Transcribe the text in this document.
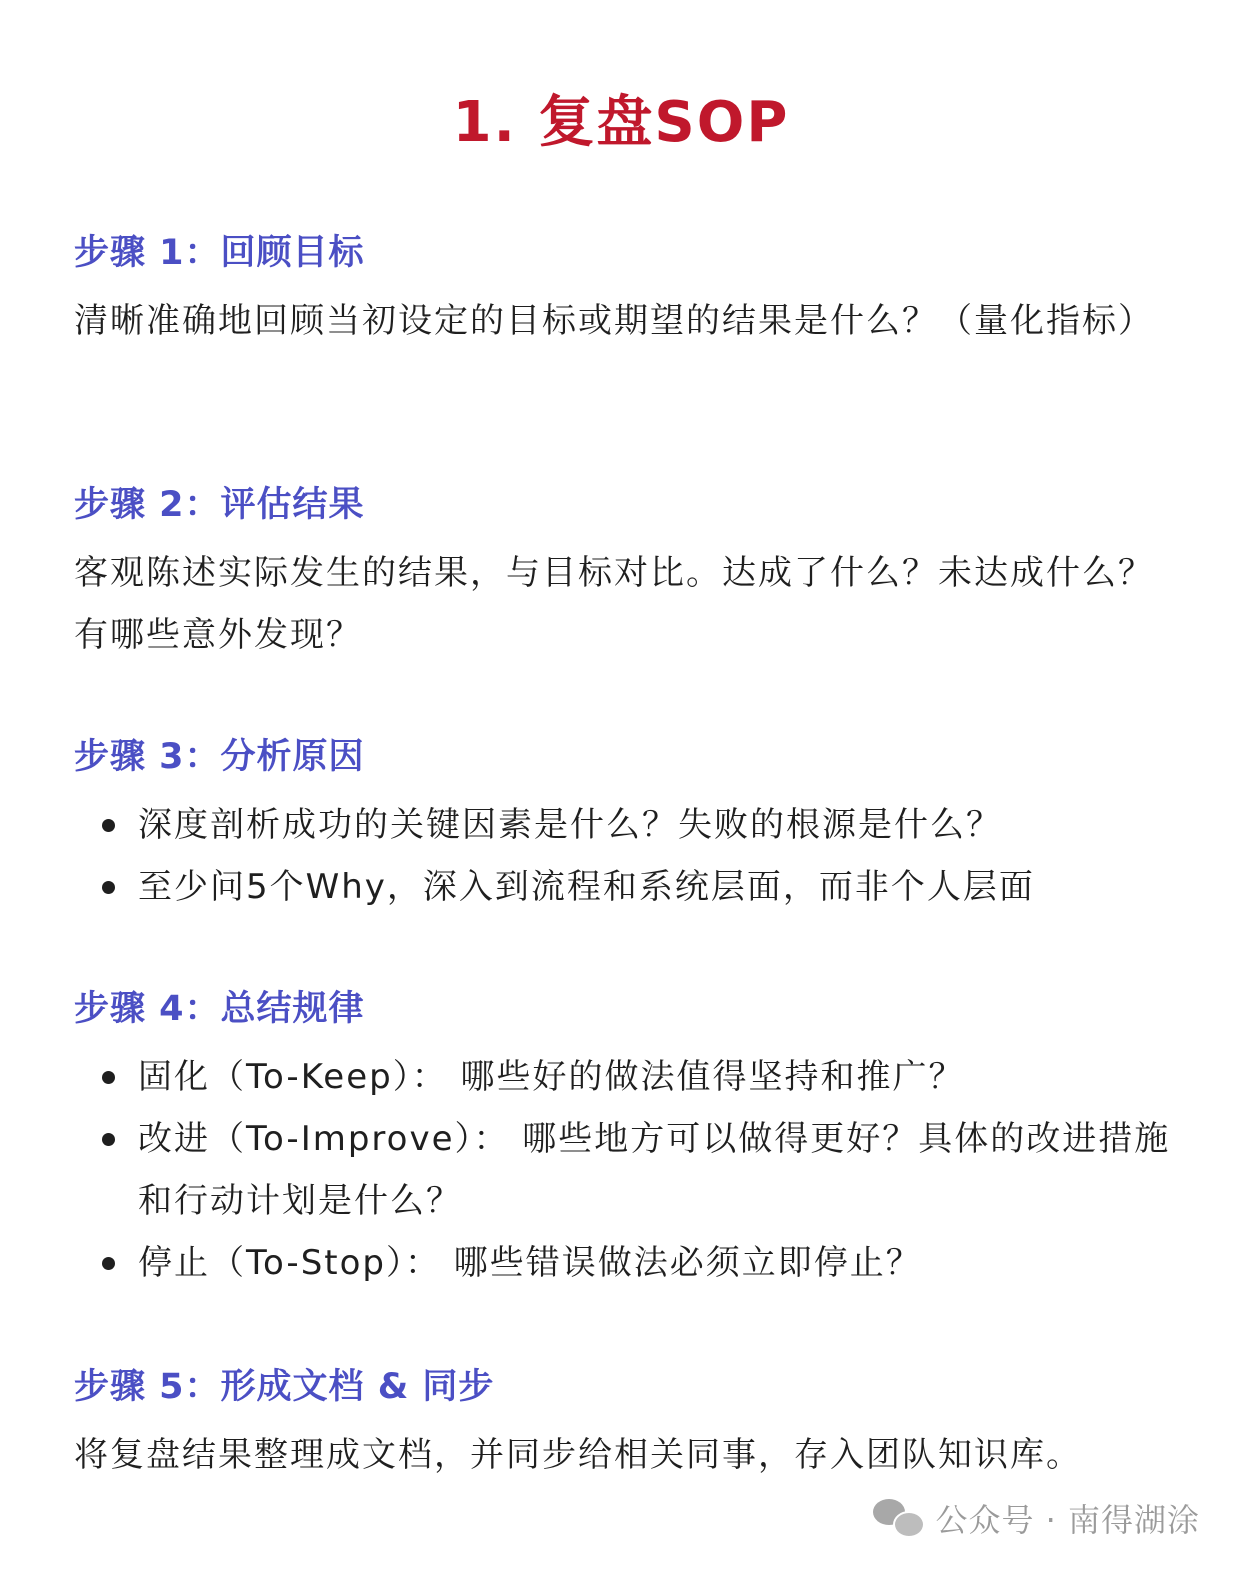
1. 复盘SOP
步骤 1：回顾目标

清晰准确地回顾当初设定的目标或期望的结果是什么？（量化指标）

步骤 2：评估结果

客观陈述实际发生的结果，与目标对比。达成了什么？未达成什么？有哪些意外发现？

步骤 3：分析原因
深度剖析成功的关键因素是什么？失败的根源是什么？
至少问5个Why，深入到流程和系统层面，而非个人层面
步骤 4：总结规律
固化（To-Keep）： 哪些好的做法值得坚持和推广？
改进（To-Improve）： 哪些地方可以做得更好？具体的改进措施和行动计划是什么？
停止（To-Stop）： 哪些错误做法必须立即停止？
步骤 5：形成文档 & 同步

将复盘结果整理成文档，并同步给相关同事，存入团队知识库。

公众号 · 南得湖涂
